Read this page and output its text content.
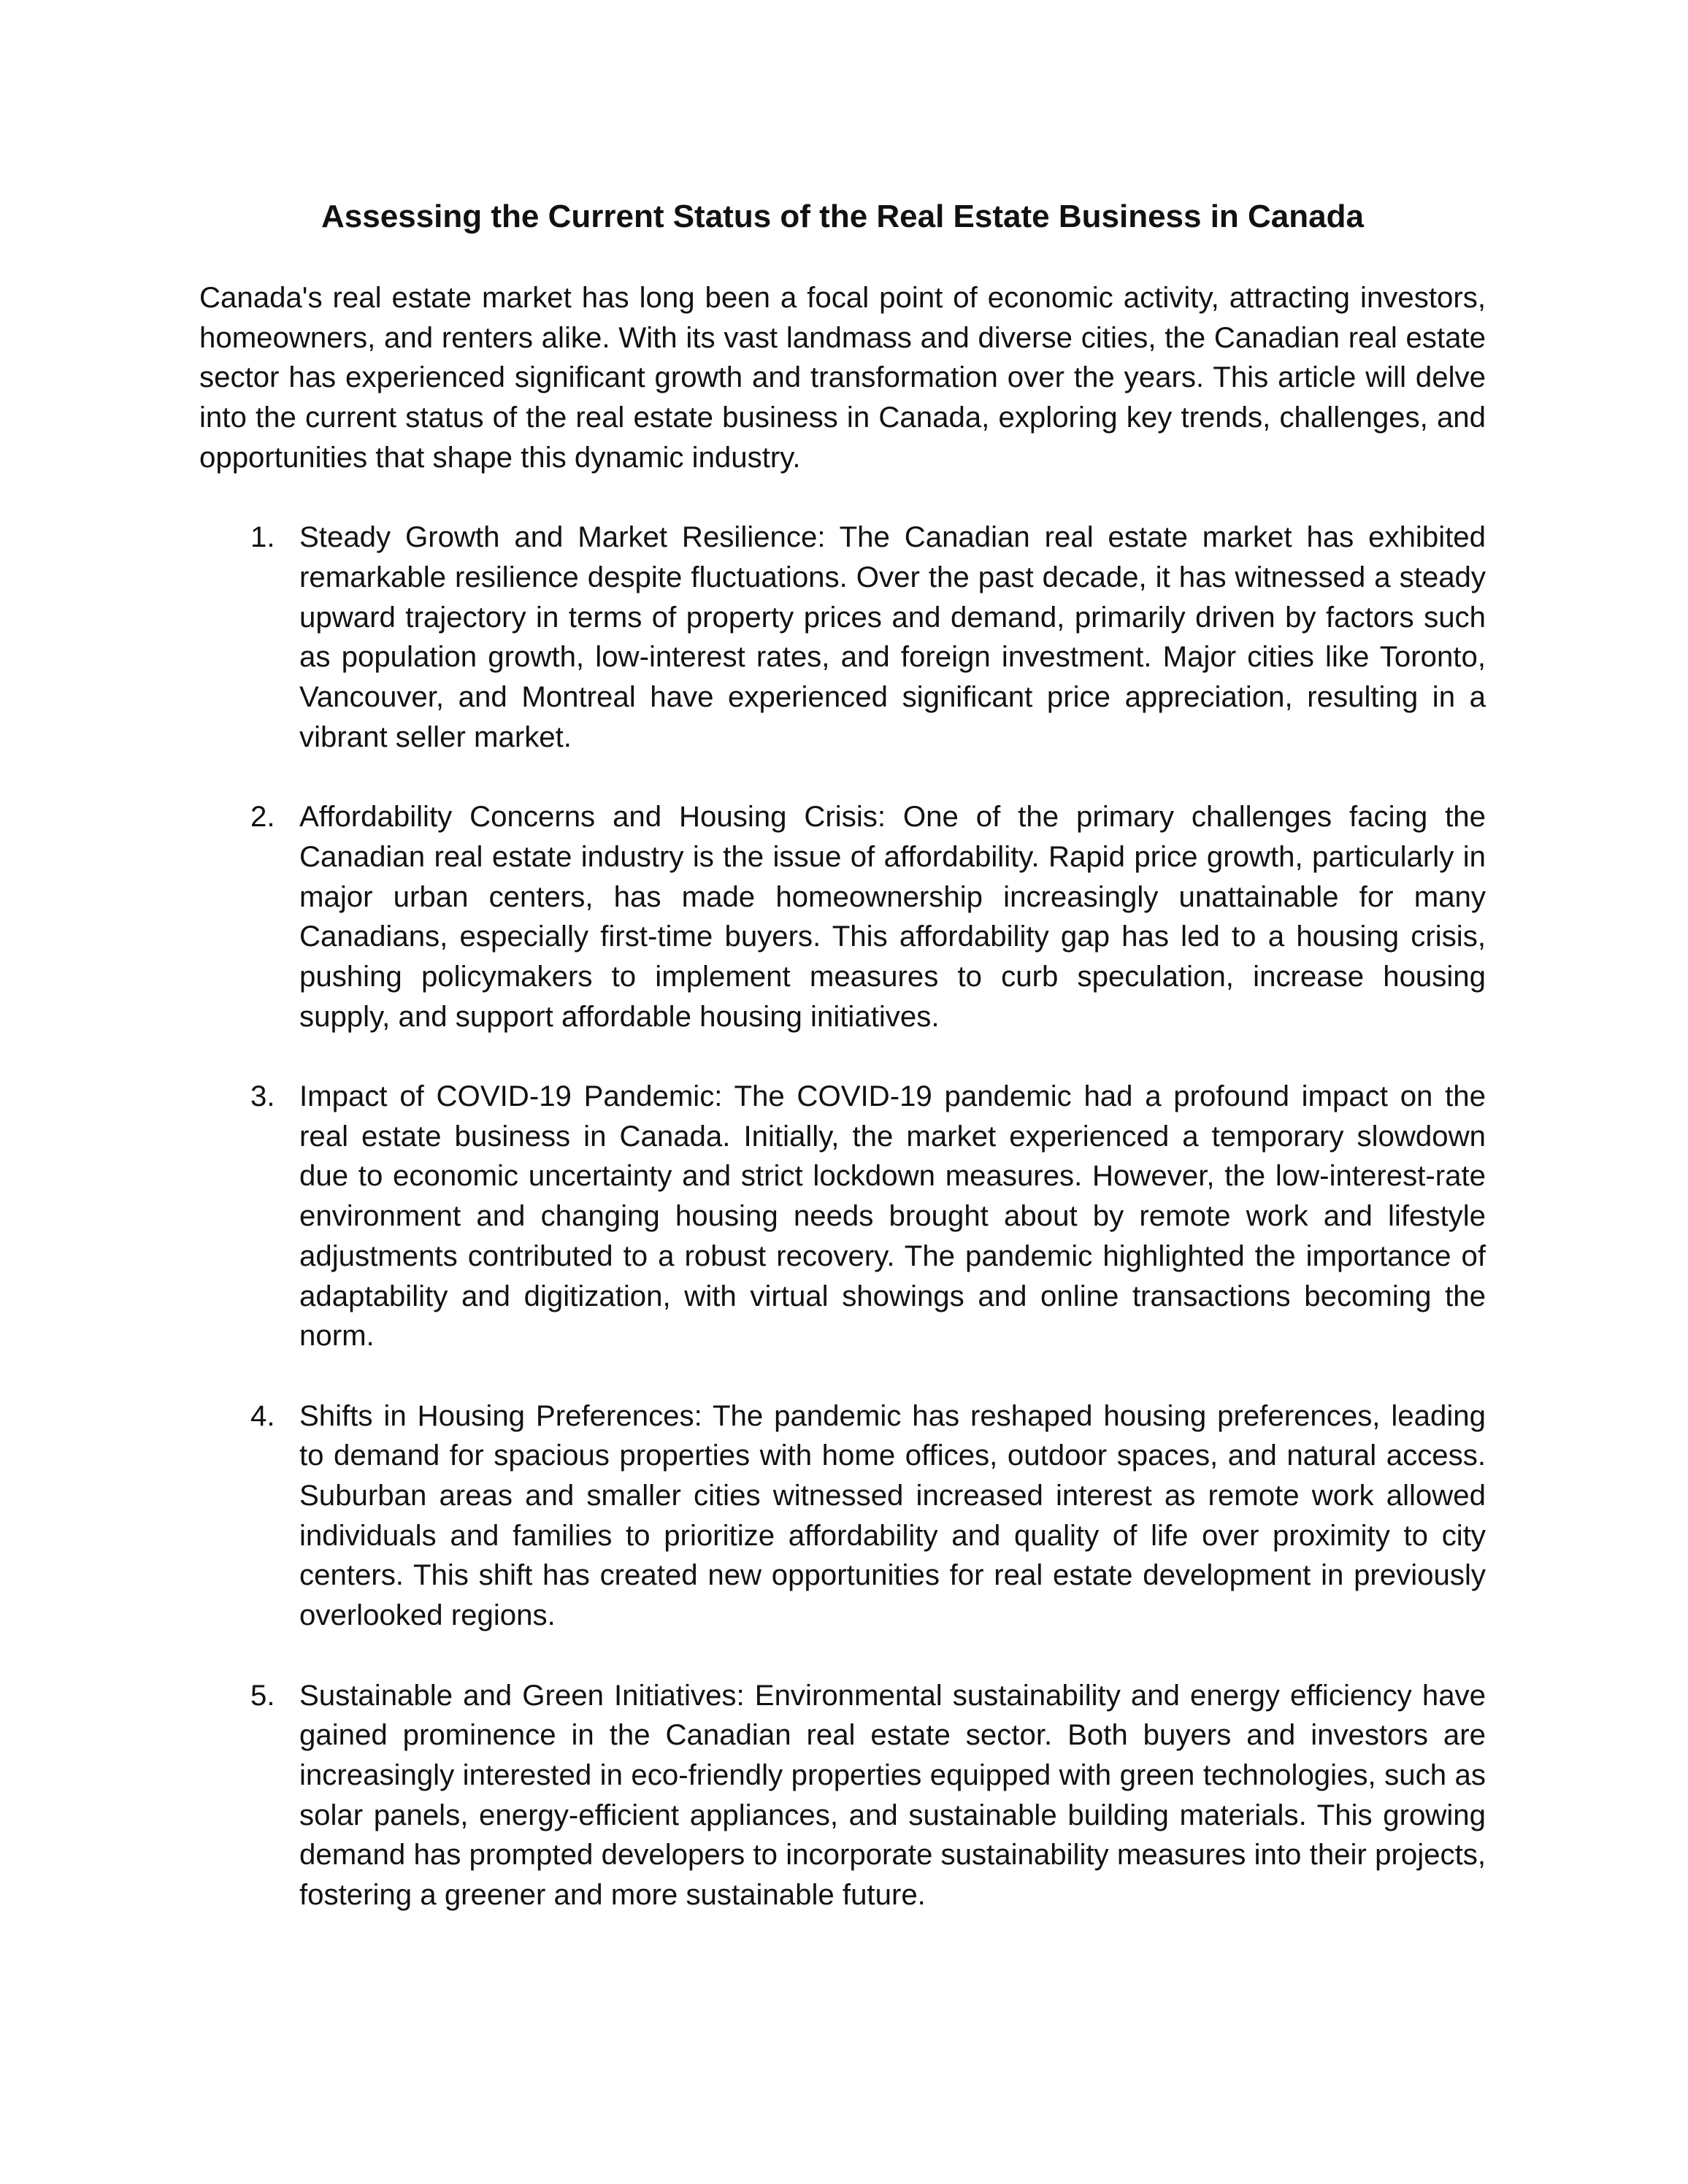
Assessing the Current Status of the Real Estate Business in Canada

Canada's real estate market has long been a focal point of economic activity, attracting investors, homeowners, and renters alike. With its vast landmass and diverse cities, the Canadian real estate sector has experienced significant growth and transformation over the years. This article will delve into the current status of the real estate business in Canada, exploring key trends, challenges, and opportunities that shape this dynamic industry.

1. Steady Growth and Market Resilience: The Canadian real estate market has exhibited remarkable resilience despite fluctuations. Over the past decade, it has witnessed a steady upward trajectory in terms of property prices and demand, primarily driven by factors such as population growth, low-interest rates, and foreign investment. Major cities like Toronto, Vancouver, and Montreal have experienced significant price appreciation, resulting in a vibrant seller market.
2. Affordability Concerns and Housing Crisis: One of the primary challenges facing the Canadian real estate industry is the issue of affordability. Rapid price growth, particularly in major urban centers, has made homeownership increasingly unattainable for many Canadians, especially first-time buyers. This affordability gap has led to a housing crisis, pushing policymakers to implement measures to curb speculation, increase housing supply, and support affordable housing initiatives.
3. Impact of COVID-19 Pandemic: The COVID-19 pandemic had a profound impact on the real estate business in Canada. Initially, the market experienced a temporary slowdown due to economic uncertainty and strict lockdown measures. However, the low-interest-rate environment and changing housing needs brought about by remote work and lifestyle adjustments contributed to a robust recovery. The pandemic highlighted the importance of adaptability and digitization, with virtual showings and online transactions becoming the norm.
4. Shifts in Housing Preferences: The pandemic has reshaped housing preferences, leading to demand for spacious properties with home offices, outdoor spaces, and natural access. Suburban areas and smaller cities witnessed increased interest as remote work allowed individuals and families to prioritize affordability and quality of life over proximity to city centers. This shift has created new opportunities for real estate development in previously overlooked regions.
5. Sustainable and Green Initiatives: Environmental sustainability and energy efficiency have gained prominence in the Canadian real estate sector. Both buyers and investors are increasingly interested in eco-friendly properties equipped with green technologies, such as solar panels, energy-efficient appliances, and sustainable building materials. This growing demand has prompted developers to incorporate sustainability measures into their projects, fostering a greener and more sustainable future.
